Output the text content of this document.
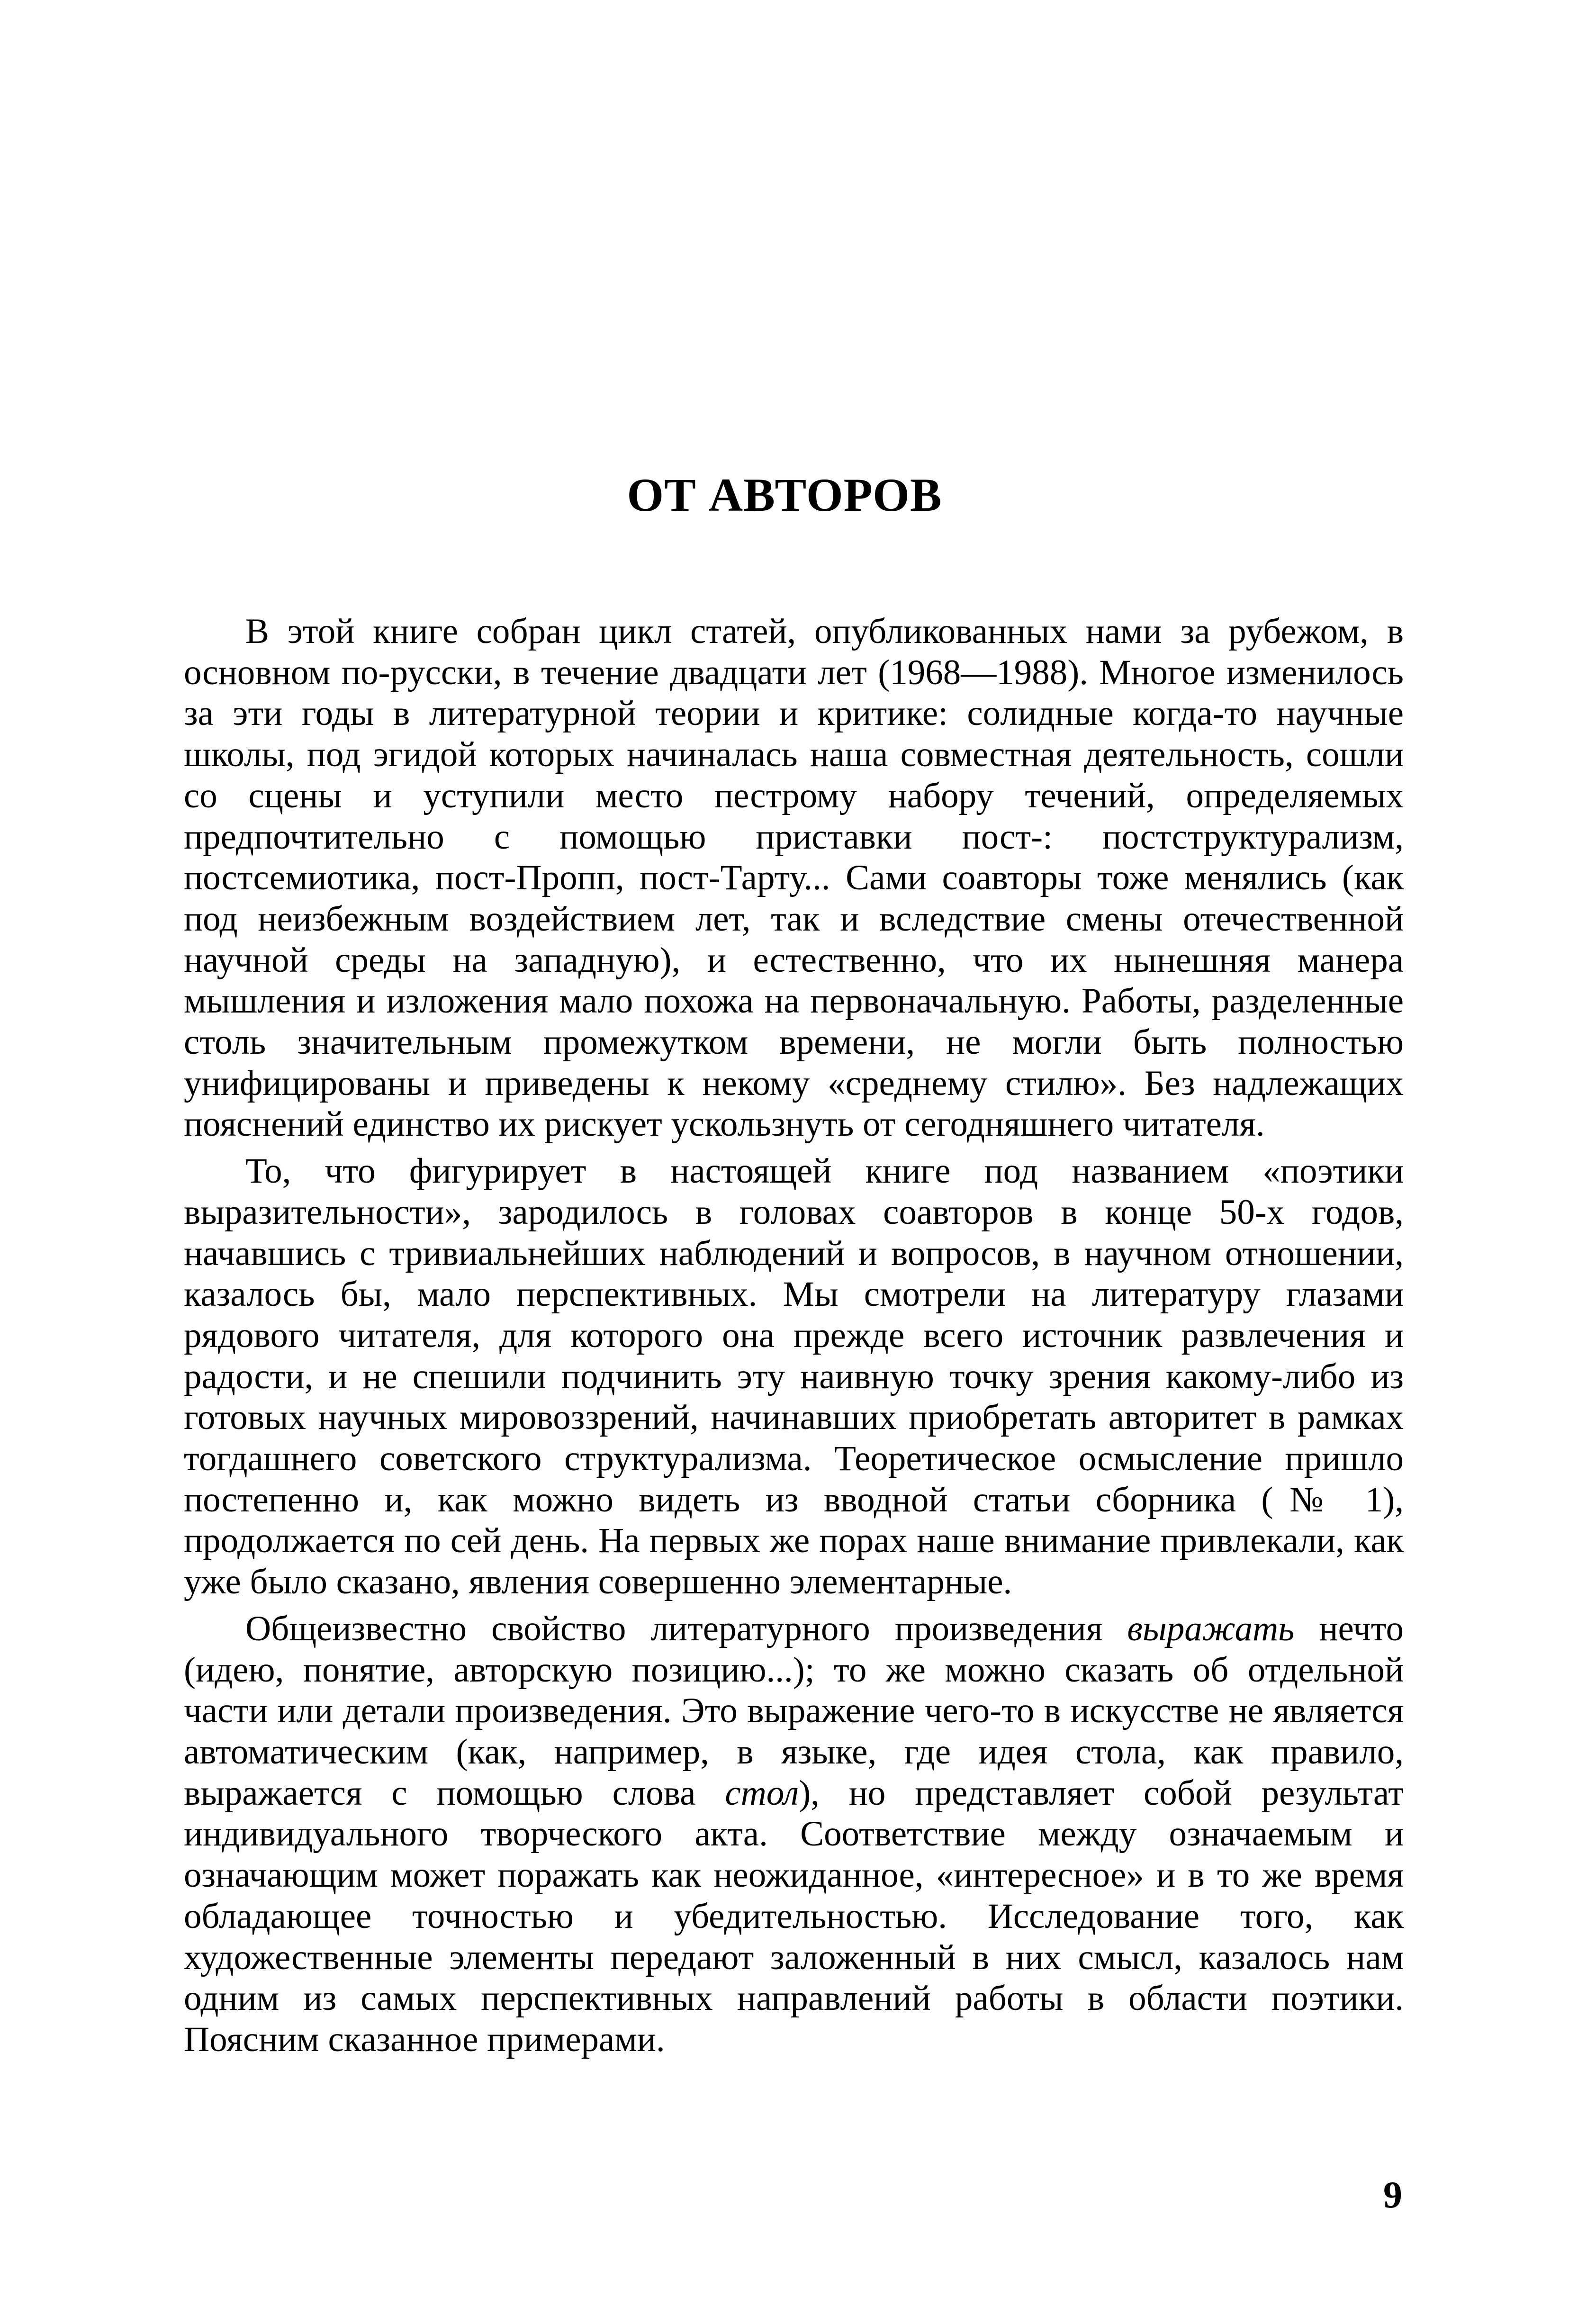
ОТ АВТОРОВ

В этой книге собран цикл статей, опубликованных нами за рубежом, в основном по-русски, в течение двадцати лет (1968—1988). Многое изменилось за эти годы в литературной теории и критике: солидные когда-то научные школы, под эгидой которых начиналась наша совместная деятельность, сошли со сцены и уступили место пестрому набору течений, определяемых предпочтительно с помощью приставки пост-: постструктурализм, постсемиотика, пост-Пропп, пост-Тарту... Сами соавторы тоже менялись (как под неизбежным воздействием лет, так и вследствие смены отечественной научной среды на западную), и естественно, что их нынешняя манера мышления и изложения мало похожа на первоначальную. Работы, разделенные столь значительным промежутком времени, не могли быть полностью унифицированы и приведены к некому «среднему стилю». Без надлежащих пояснений единство их рискует ускользнуть от сегодняшнего читателя.

То, что фигурирует в настоящей книге под названием «поэтики выразительности», зародилось в головах соавторов в конце 50-х годов, начавшись с тривиальнейших наблюдений и вопросов, в научном отношении, казалось бы, мало перспективных. Мы смотрели на литературу глазами рядового читателя, для которого она прежде всего источник развлечения и радости, и не спешили подчинить эту наивную точку зрения какому-либо из готовых научных мировоззрений, начинавших приобретать авторитет в рамках тогдашнего советского структурализма. Теоретическое осмысление пришло постепенно и, как можно видеть из вводной статьи сборника (№ 1), продолжается по сей день. На первых же порах наше внимание привлекали, как уже было сказано, явления совершенно элементарные.

Общеизвестно свойство литературного произведения выражать нечто (идею, понятие, авторскую позицию...); то же можно сказать об отдельной части или детали произведения. Это выражение чего-то в искусстве не является автоматическим (как, например, в языке, где идея стола, как правило, выражается с помощью слова стол), но представляет собой результат индивидуального творческого акта. Соответствие между означаемым и означающим может поражать как неожиданное, «интересное» и в то же время обладающее точностью и убедительностью. Исследование того, как художественные элементы передают заложенный в них смысл, казалось нам одним из самых перспективных направлений работы в области поэтики. Поясним сказанное примерами.

9
